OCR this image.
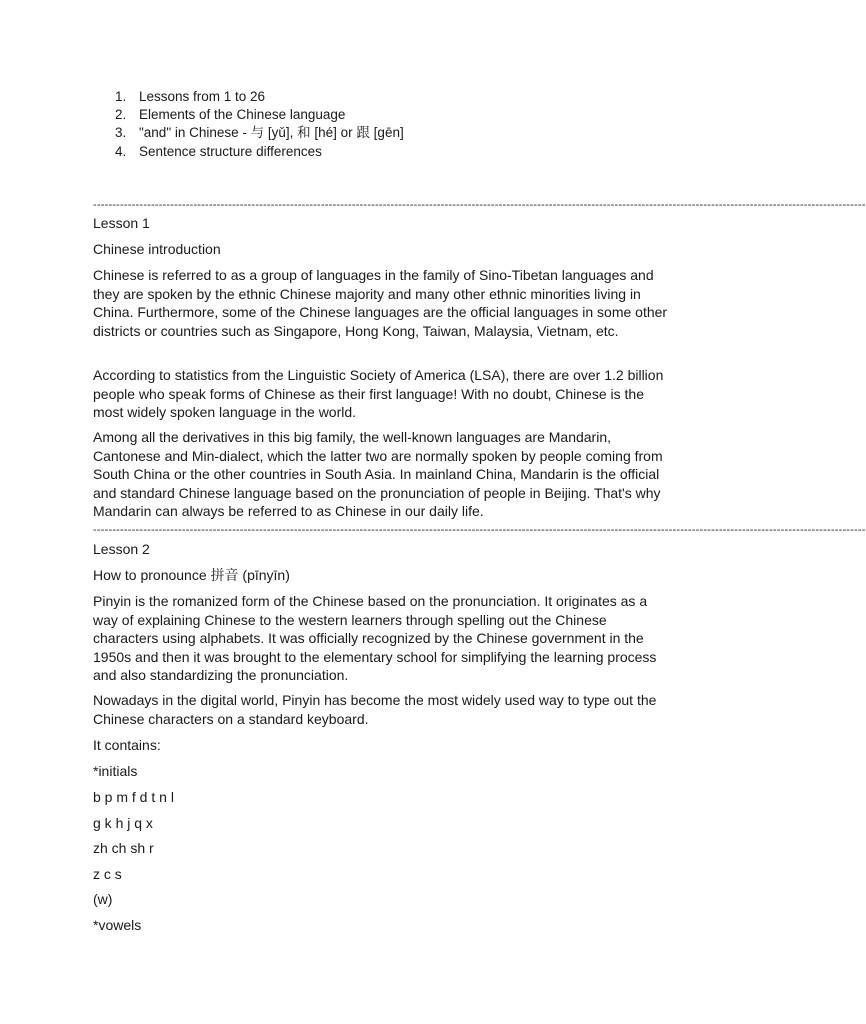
1. Lessons from 1 to 26
2. Elements of the Chinese language
3. "and" in Chinese - 与 [yǔ], 和 [hé] or 跟 [gēn]
4. Sentence structure differences
--------------------------------------------------------------------------------------------------------------------------------------------------------------------------------------------------------

Lesson 1

Chinese introduction

Chinese is referred to as a group of languages in the family of Sino-Tibetan languages and they are spoken by the ethnic Chinese majority and many other ethnic minorities living in China. Furthermore, some of the Chinese languages are the official languages in some other districts or countries such as Singapore, Hong Kong, Taiwan, Malaysia, Vietnam, etc.

According to statistics from the Linguistic Society of America (LSA), there are over 1.2 billion people who speak forms of Chinese as their first language! With no doubt, Chinese is the most widely spoken language in the world.

Among all the derivatives in this big family, the well-known languages are Mandarin, Cantonese and Min-dialect, which the latter two are normally spoken by people coming from South China or the other countries in South Asia. In mainland China, Mandarin is the official and standard Chinese language based on the pronunciation of people in Beijing. That's why Mandarin can always be referred to as Chinese in our daily life.

--------------------------------------------------------------------------------------------------------------------------------------------------------------------------------------------------------

Lesson 2

How to pronounce 拼音 (pīnyīn)

Pinyin is the romanized form of the Chinese based on the pronunciation. It originates as a way of explaining Chinese to the western learners through spelling out the Chinese characters using alphabets. It was officially recognized by the Chinese government in the 1950s and then it was brought to the elementary school for simplifying the learning process and also standardizing the pronunciation.

Nowadays in the digital world, Pinyin has become the most widely used way to type out the Chinese characters on a standard keyboard.

It contains:

*initials

b p m f d t n l

g k h j q x

zh ch sh r

z c s

(w)

*vowels
